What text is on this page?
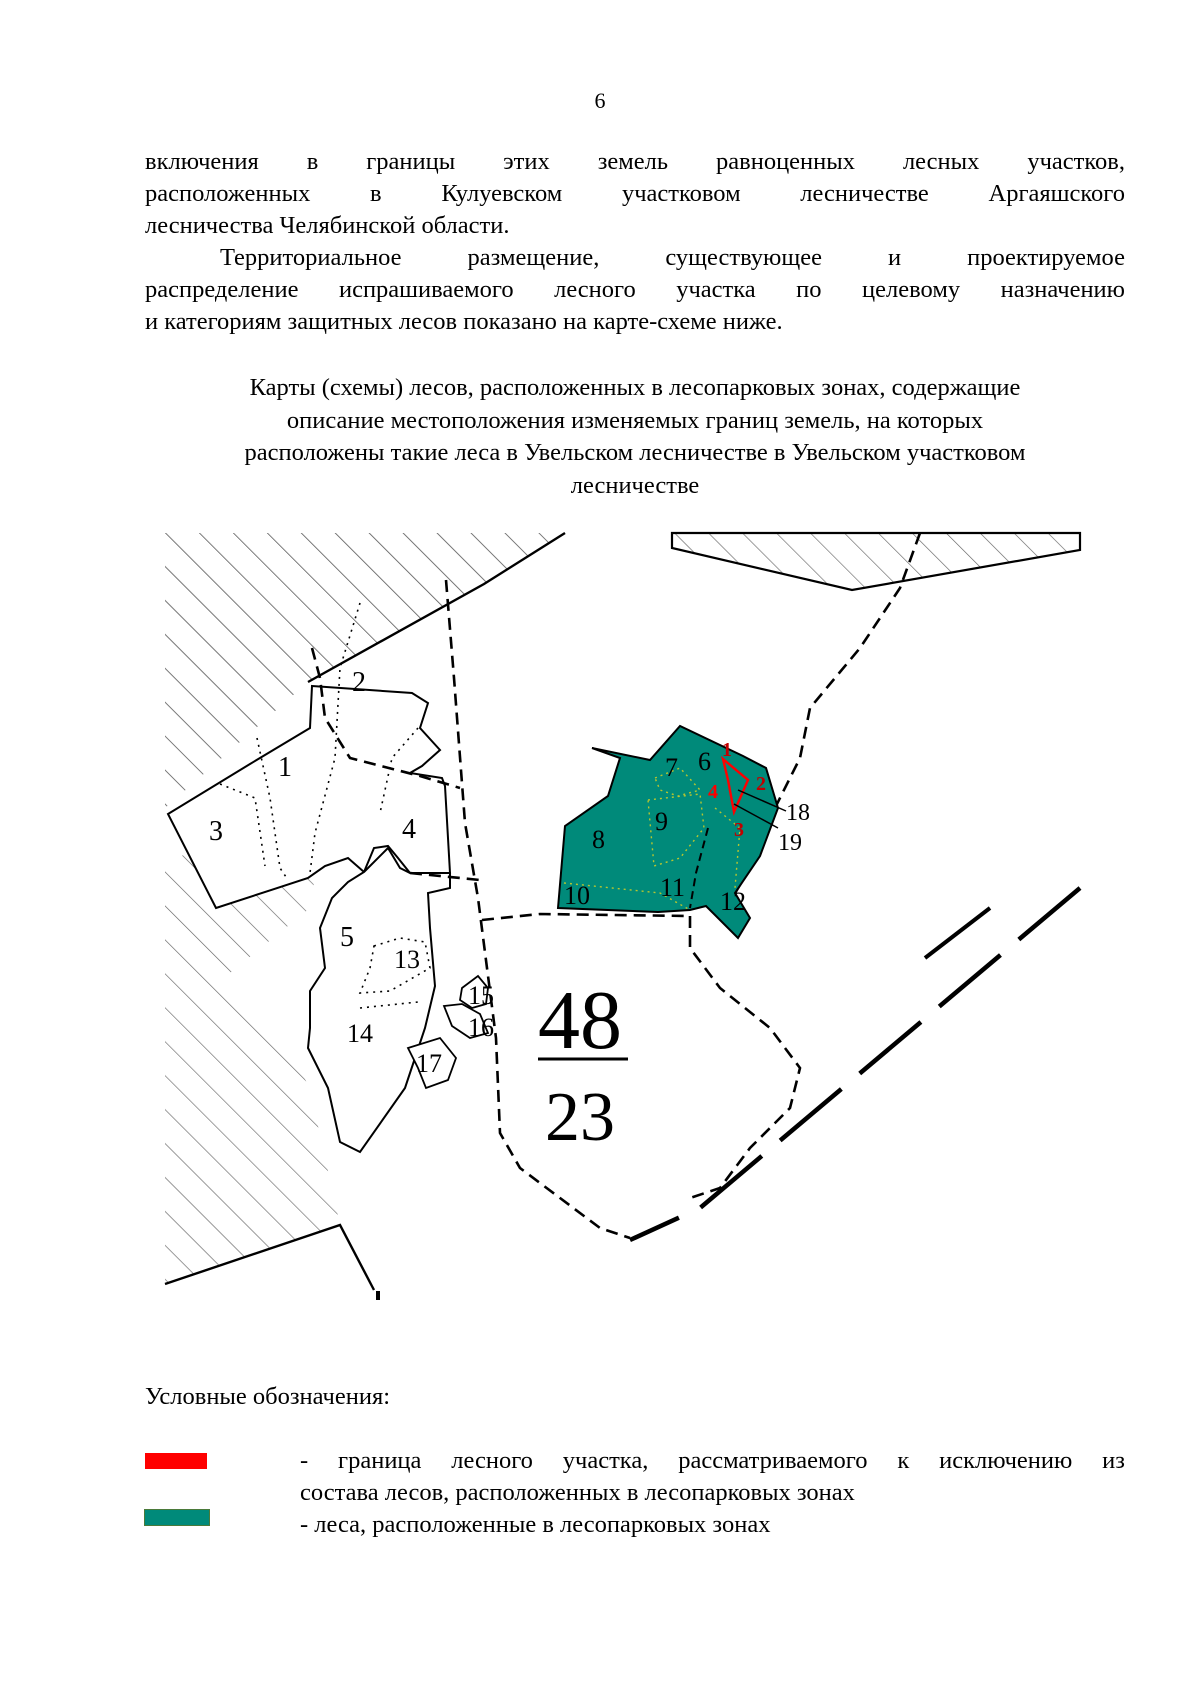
6
включения в границы этих земель равноценных лесных участков,
расположенных в Кулуевском участковом лесничестве Аргаяшского
лесничества Челябинской области.
Территориальное	размещение,	существующее	и	проектируемое
распределение испрашиваемого лесного участка по целевому назначению
и категориям защитных лесов показано на карте-схеме ниже.
Карты (схемы) лесов, расположенных в лесопарковых зонах, содержащие
описание местоположения изменяемых границ земель, на которых
расположены такие леса в Увельском лесничестве в Увельском участковом
лесничестве
1
2
3	4
5
6
7
8
9
10	11 12
13
14
15
16
17
18
19
1
2
3
4
48
23
Условные обозначения:
- граница лесного участка, рассматриваемого к исключению из
состава лесов, расположенных в лесопарковых зонах
- леса, расположенные в лесопарковых зонах
